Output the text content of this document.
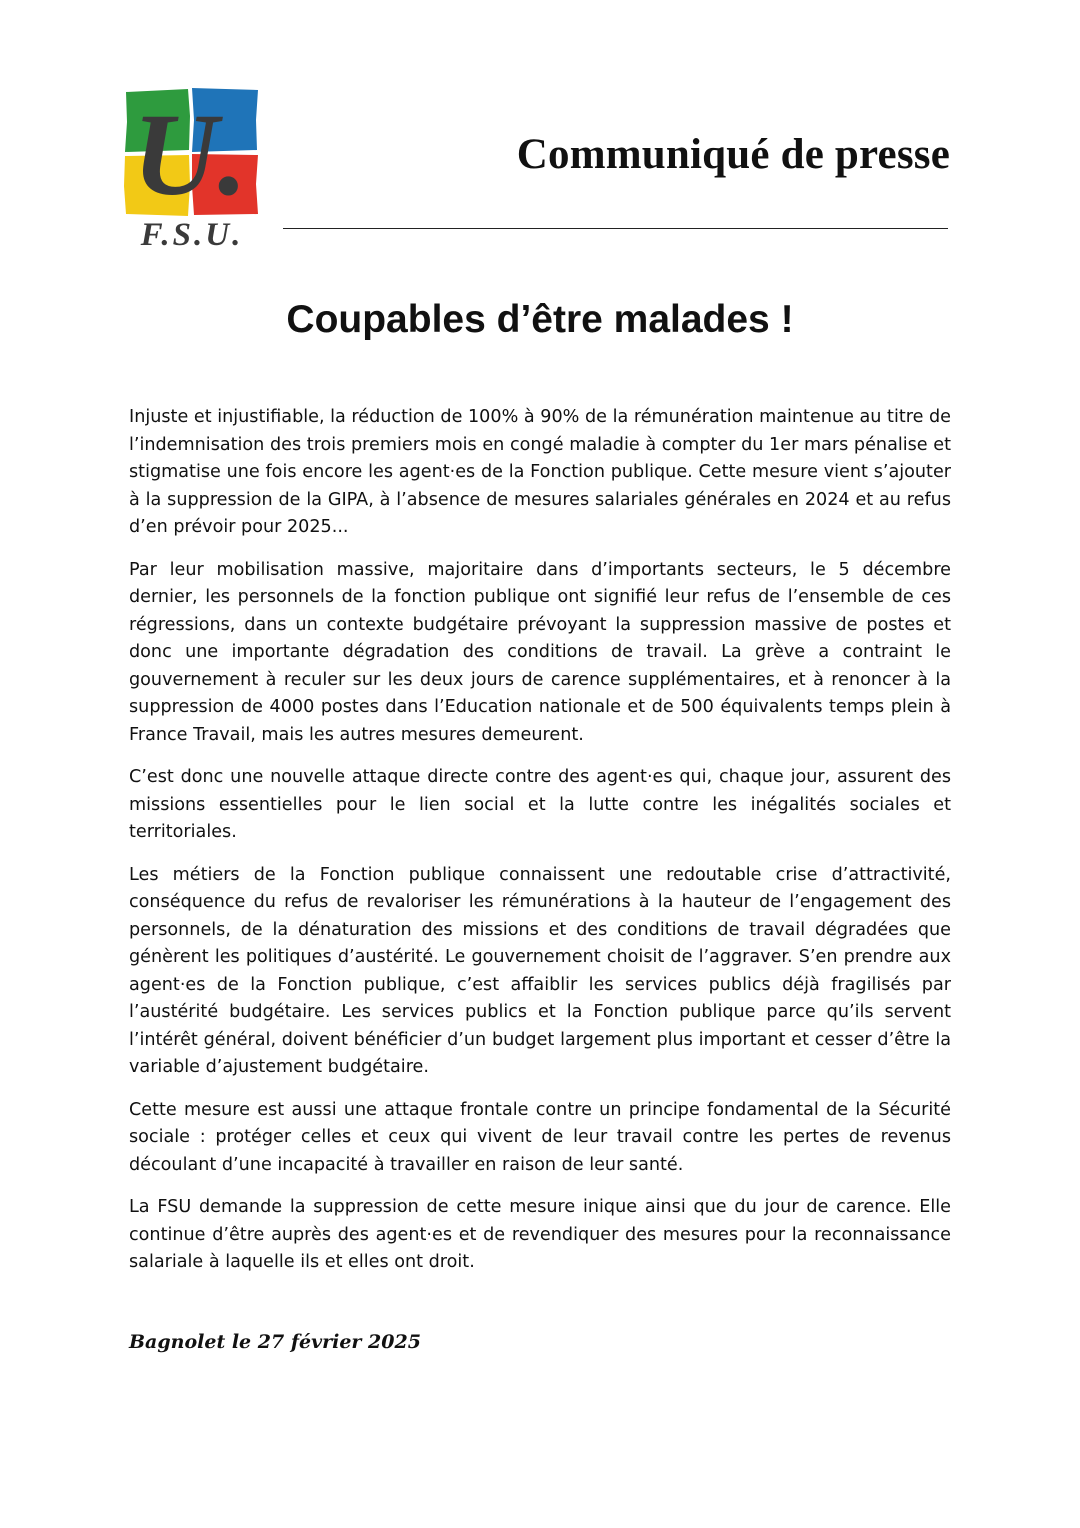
U.
F.S.U.
Communiqué de presse
Coupables d’être malades !

Injuste et injustifiable, la réduction de 100% à 90% de la rémunération maintenue au titre de l’indemnisation des trois premiers mois en congé maladie à compter du 1er mars pénalise et stigmatise une fois encore les agent·es de la Fonction publique. Cette mesure vient s’ajouter à la suppression de la GIPA, à l’absence de mesures salariales générales en 2024 et au refus d’en prévoir pour 2025...

Par leur mobilisation massive, majoritaire dans d’importants secteurs, le 5 décembre dernier, les personnels de la fonction publique ont signifié leur refus de l’ensemble de ces régressions, dans un contexte budgétaire prévoyant la suppression massive de postes et donc une importante dégradation des conditions de travail. La grève a contraint le gouvernement à reculer sur les deux jours de carence supplémentaires, et à renoncer à la suppression de 4000 postes dans l’Education nationale et de 500 équivalents temps plein à France Travail, mais les autres mesures demeurent.

C’est donc une nouvelle attaque directe contre des agent·es qui, chaque jour, assurent des missions essentielles pour le lien social et la lutte contre les inégalités sociales et territoriales.

Les métiers de la Fonction publique connaissent une redoutable crise d’attractivité, conséquence du refus de revaloriser les rémunérations à la hauteur de l’engagement des personnels, de la dénaturation des missions et des conditions de travail dégradées que génèrent les politiques d’austérité. Le gouvernement choisit de l’aggraver. S’en prendre aux agent·es de la Fonction publique, c’est affaiblir les services publics déjà fragilisés par l’austérité budgétaire. Les services publics et la Fonction publique parce qu’ils servent l’intérêt général, doivent bénéficier d’un budget largement plus important et cesser d’être la variable d’ajustement budgétaire.

Cette mesure est aussi une attaque frontale contre un principe fondamental de la Sécurité sociale : protéger celles et ceux qui vivent de leur travail contre les pertes de revenus découlant d’une incapacité à travailler en raison de leur santé.

La FSU demande la suppression de cette mesure inique ainsi que du jour de carence. Elle continue d’être auprès des agent·es et de revendiquer des mesures pour la reconnaissance salariale à laquelle ils et elles ont droit.

Bagnolet le 27 février 2025
